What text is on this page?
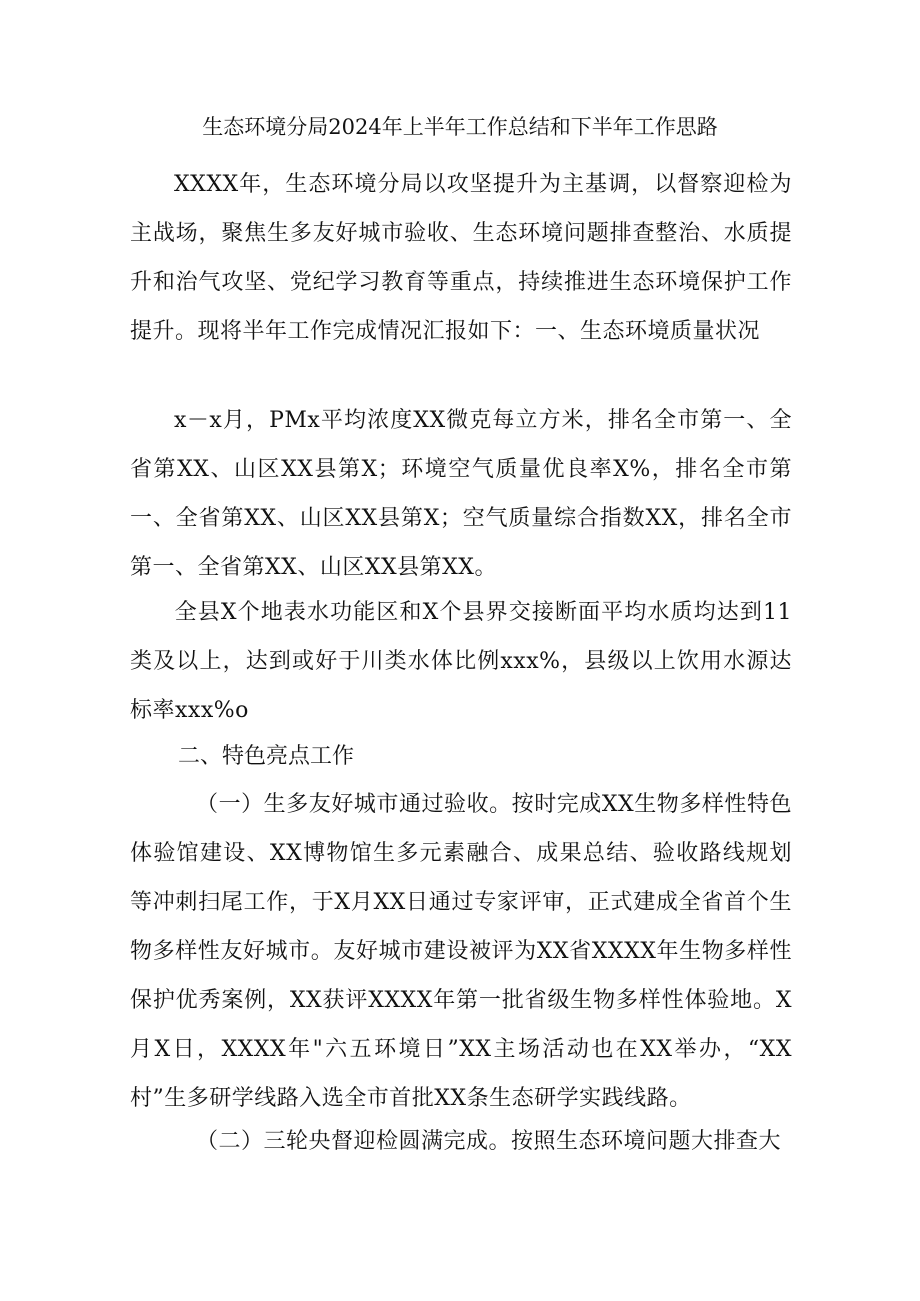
生态环境分局2024年上半年工作总结和下半年工作思路
XXXX年，生态环境分局以攻坚提升为主基调，以督察迎检为主战场，聚焦生多友好城市验收、生态环境问题排查整治、水质提升和治气攻坚、党纪学习教育等重点，持续推进生态环境保护工作提升。现将半年工作完成情况汇报如下：一、生态环境质量状况
x－x月，PMx平均浓度XX微克每立方米，排名全市第一、全省第XX、山区XX县第X；环境空气质量优良率X%，排名全市第一、全省第XX、山区XX县第X；空气质量综合指数XX，排名全市第一、全省第XX、山区XX县第XX。
全县X个地表水功能区和X个县界交接断面平均水质均达到11类及以上，达到或好于川类水体比例xxx%，县级以上饮用水源达标率xxx%o
二、特色亮点工作
（一）生多友好城市通过验收。按时完成XX生物多样性特色体验馆建设、XX博物馆生多元素融合、成果总结、验收路线规划等冲刺扫尾工作，于X月XX日通过专家评审，正式建成全省首个生物多样性友好城市。友好城市建设被评为XX省XXXX年生物多样性保护优秀案例，XX获评XXXX年第一批省级生物多样性体验地。X月X日，XXXX年"六五环境日”XX主场活动也在XX举办，“XX村”生多研学线路入选全市首批XX条生态研学实践线路。
（二）三轮央督迎检圆满完成。按照生态环境问题大排查大
